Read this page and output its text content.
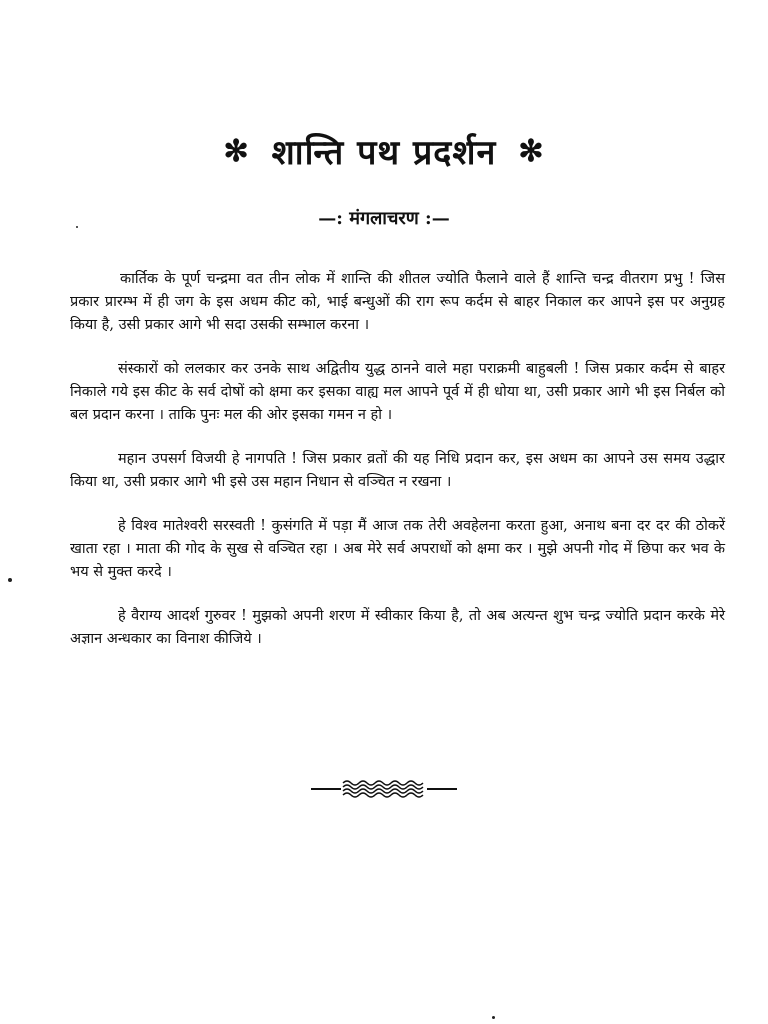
✻ शान्ति पथ प्रदर्शन ✻
—: मंगलाचरण :—

कार्तिक के पूर्ण चन्द्रमा वत तीन लोक में शान्ति की शीतल ज्योति फैलाने वाले हैं शान्ति चन्द्र वीतराग प्रभु ! जिस प्रकार प्रारम्भ में ही जग के इस अधम कीट को, भाई बन्धुओं की राग रूप कर्दम से बाहर निकाल कर आपने इस पर अनुग्रह किया है, उसी प्रकार आगे भी सदा उसकी सम्भाल करना ।

संस्कारों को ललकार कर उनके साथ अद्वितीय युद्ध ठानने वाले महा पराक्रमी बाहुबली ! जिस प्रकार कर्दम से बाहर निकाले गये इस कीट के सर्व दोषों को क्षमा कर इसका वाह्य मल आपने पूर्व में ही धोया था, उसी प्रकार आगे भी इस निर्बल को बल प्रदान करना । ताकि पुनः मल की ओर इसका गमन न हो ।

महान उपसर्ग विजयी हे नागपति ! जिस प्रकार व्रतों की यह निधि प्रदान कर, इस अधम का आपने उस समय उद्धार किया था, उसी प्रकार आगे भी इसे उस महान निधान से वञ्चित न रखना ।

हे विश्व मातेश्वरी सरस्वती ! कुसंगति में पड़ा मैं आज तक तेरी अवहेलना करता हुआ, अनाथ बना दर दर की ठोकरें खाता रहा । माता की गोद के सुख से वञ्चित रहा । अब मेरे सर्व अपराधों को क्षमा कर । मुझे अपनी गोद में छिपा कर भव के भय से मुक्त करदे ।

हे वैराग्य आदर्श गुरुवर ! मुझको अपनी शरण में स्वीकार किया है, तो अब अत्यन्त शुभ चन्द्र ज्योति प्रदान करके मेरे अज्ञान अन्धकार का विनाश कीजिये ।
